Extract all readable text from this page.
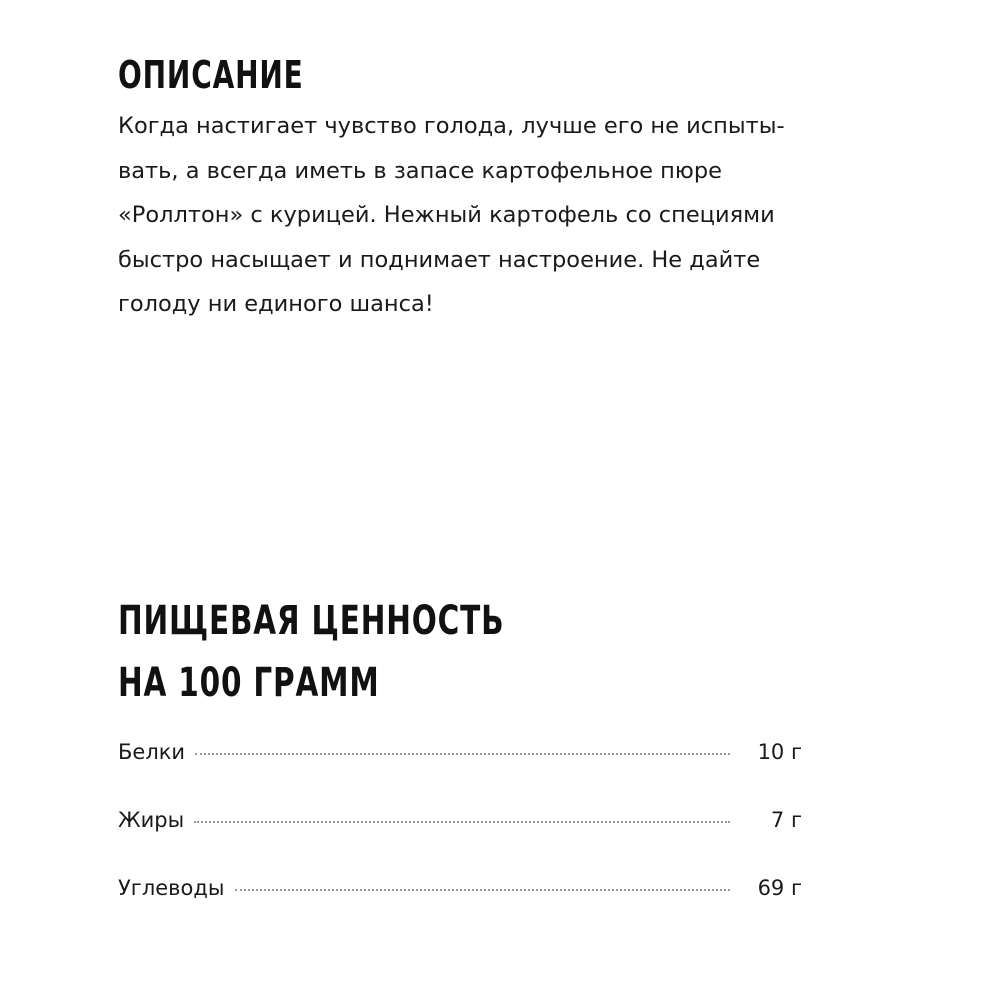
ОПИСАНИЕ

Когда настигает чувство голода, лучше его не испыты-
вать, а всегда иметь в запасе картофельное пюре
«Роллтон» с курицей. Нежный картофель со специями
быстро насыщает и поднимает настроение. Не дайте
голоду ни единого шанса!

ПИЩЕВАЯ ЦЕННОСТЬ
НА 100 ГРАММ
Белки	10 г
Жиры	7 г
Углеводы	69 г
